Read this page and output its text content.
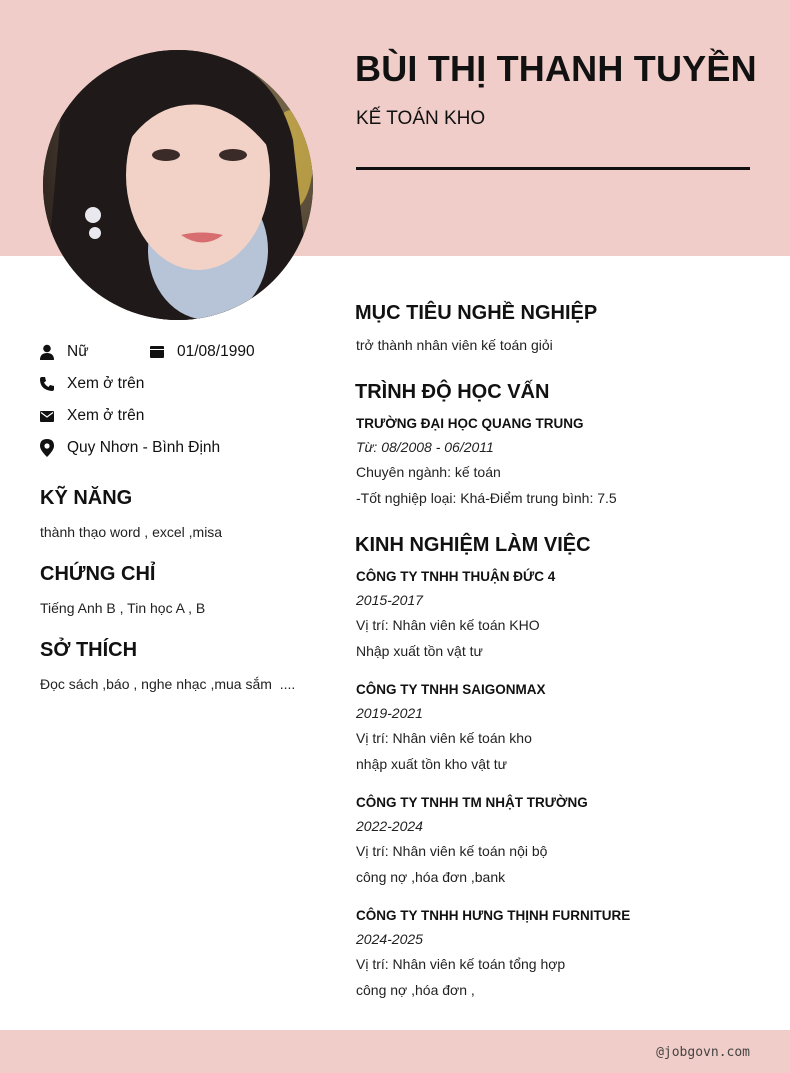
BÙI THỊ THANH TUYỀN
KẾ TOÁN KHO
Nữ	01/08/1990
Xem ở trên
Xem ở trên
Quy Nhơn - Bình Định
KỸ NĂNG
thành thạo word , excel ,misa
CHỨNG CHỈ
Tiếng Anh B , Tin học A , B
SỞ THÍCH
Đọc sách ,báo , nghe nhạc ,mua sắm  ....
MỤC TIÊU NGHỀ NGHIỆP
trở thành nhân viên kế toán giỏi
TRÌNH ĐỘ HỌC VẤN
TRƯỜNG ĐẠI HỌC QUANG TRUNG
Từ: 08/2008 - 06/2011
Chuyên ngành: kế toán
-Tốt nghiệp loại: Khá-Điểm trung bình: 7.5
KINH NGHIỆM LÀM VIỆC
CÔNG TY TNHH THUẬN ĐỨC 4
2015-2017
Vị trí: Nhân viên kế toán KHO
Nhập xuất tồn vật tư
CÔNG TY TNHH SAIGONMAX
2019-2021
Vị trí: Nhân viên kế toán kho
nhập xuất tồn kho vật tư
CÔNG TY TNHH TM NHẬT TRƯỜNG
2022-2024
Vị trí: Nhân viên kế toán nội bộ
công nợ ,hóa đơn ,bank
CÔNG TY TNHH HƯNG THỊNH FURNITURE
2024-2025
Vị trí: Nhân viên kế toán tổng hợp
công nợ ,hóa đơn ,
@jobgovn.com
